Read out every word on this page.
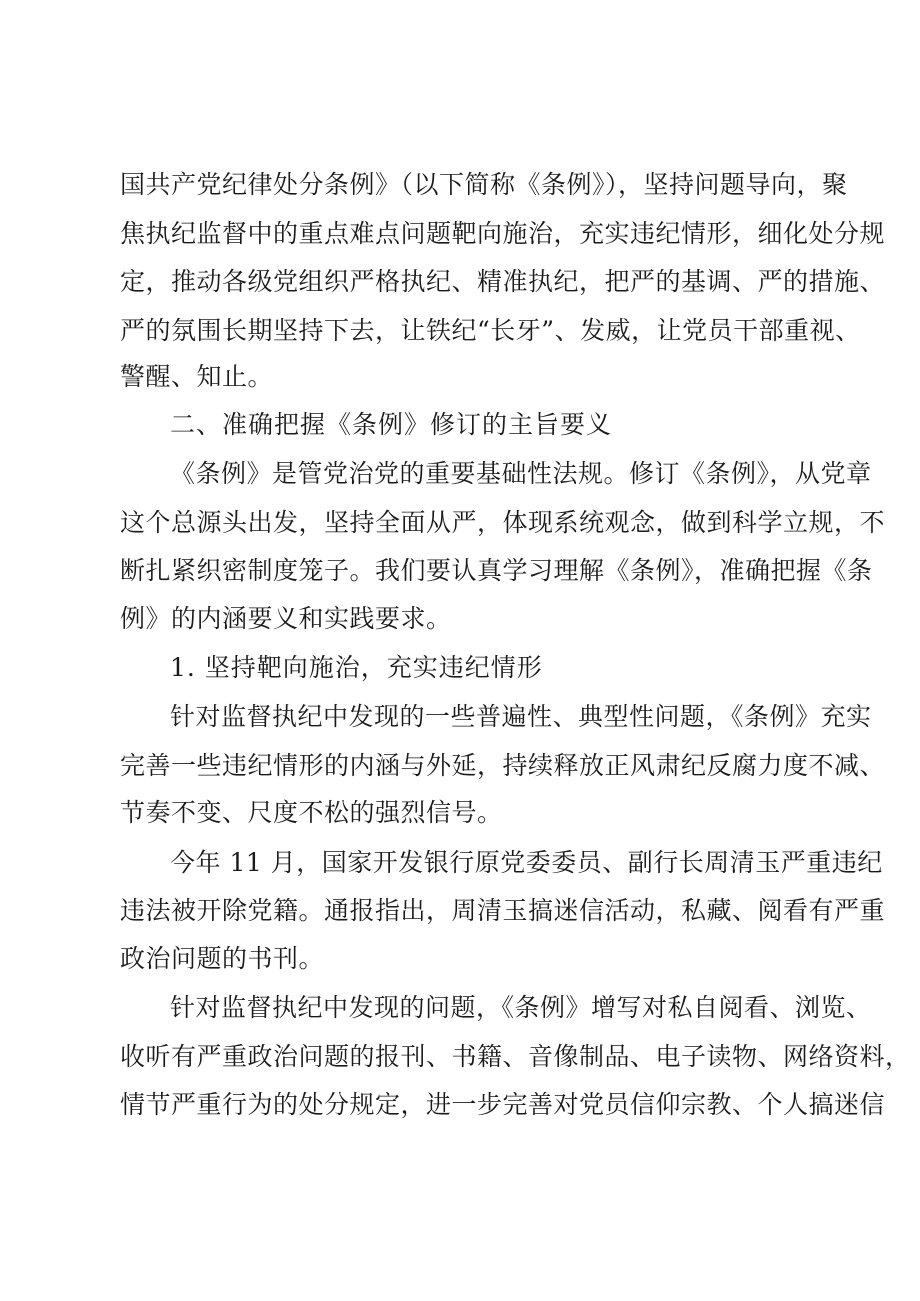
国共产党纪律处分条例》（以下简称《条例》），坚持问题导向，聚
焦执纪监督中的重点难点问题靶向施治，充实违纪情形，细化处分规
定，推动各级党组织严格执纪、精准执纪，把严的基调、严的措施、
严的氛围长期坚持下去，让铁纪“长牙”、发威，让党员干部重视、
警醒、知止。
二、准确把握《条例》修订的主旨要义
《条例》是管党治党的重要基础性法规。修订《条例》，从党章
这个总源头出发，坚持全面从严，体现系统观念，做到科学立规，不
断扎紧织密制度笼子。我们要认真学习理解《条例》，准确把握《条
例》的内涵要义和实践要求。
1. 坚持靶向施治，充实违纪情形
针对监督执纪中发现的一些普遍性、典型性问题，《条例》充实
完善一些违纪情形的内涵与外延，持续释放正风肃纪反腐力度不减、
节奏不变、尺度不松的强烈信号。
今年 11 月，国家开发银行原党委委员、副行长周清玉严重违纪
违法被开除党籍。通报指出，周清玉搞迷信活动，私藏、阅看有严重
政治问题的书刊。
针对监督执纪中发现的问题，《条例》增写对私自阅看、浏览、
收听有严重政治问题的报刊、书籍、音像制品、电子读物、网络资料，
情节严重行为的处分规定，进一步完善对党员信仰宗教、个人搞迷信
